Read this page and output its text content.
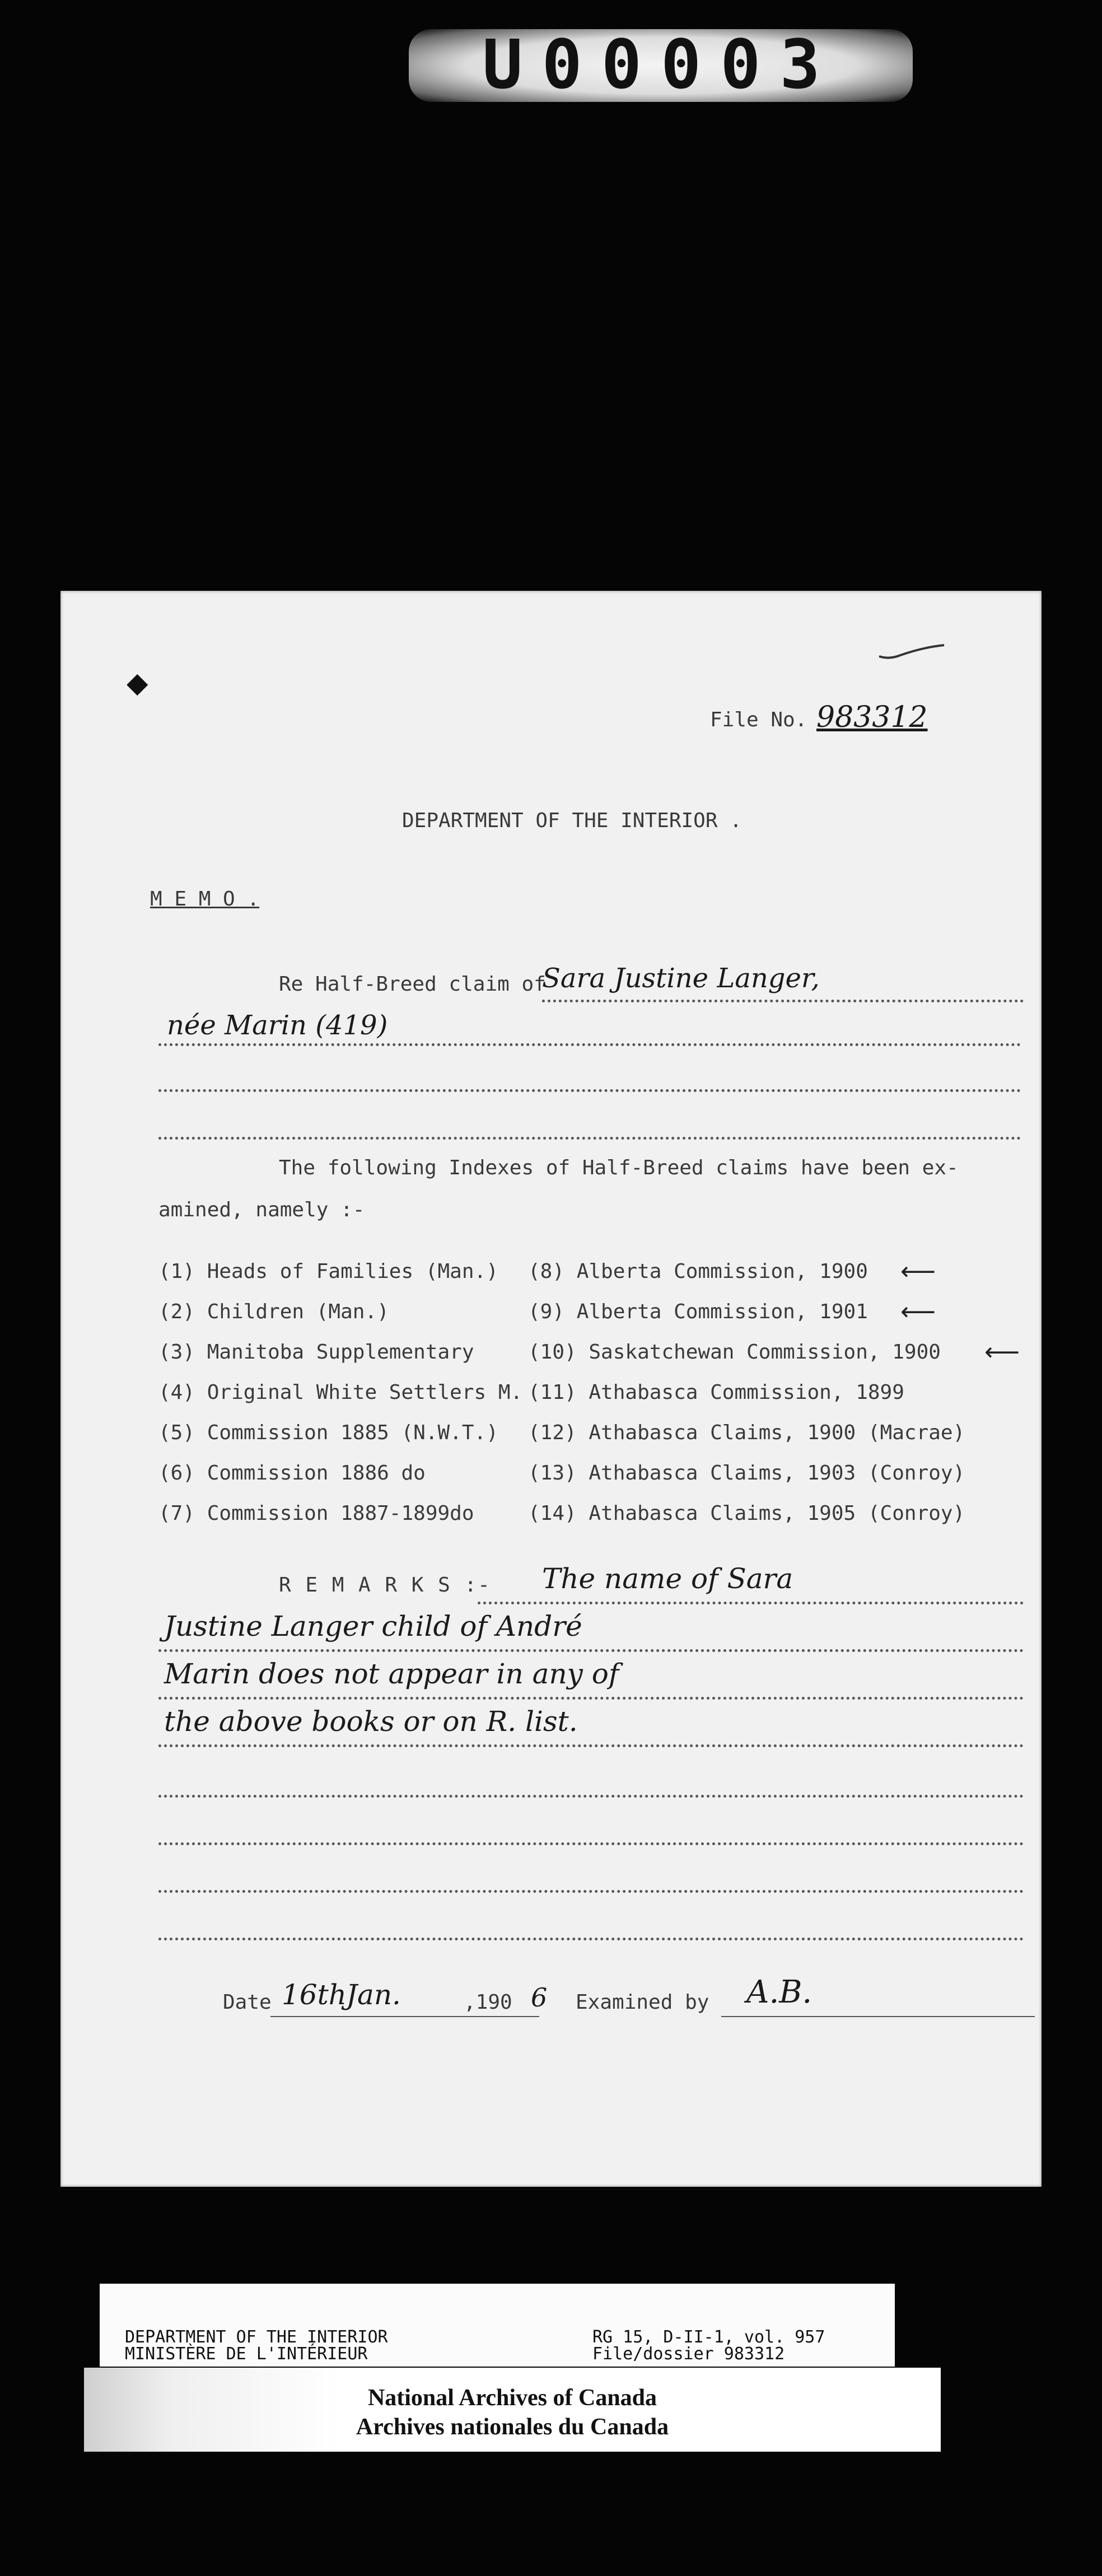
U00003
◆
File No. 983312
DEPARTMENT OF THE INTERIOR .
M E M O .
Re Half-Breed claim of
Sara Justine Langer,
née Marin (419)
The following Indexes of Half-Breed claims have been ex-
amined, namely :-
(1) Heads of Families (Man.)
(2) Children (Man.)
(3) Manitoba Supplementary
(4) Original White Settlers M.
(5) Commission 1885 (N.W.T.)
(6) Commission 1886 do
(7) Commission 1887-1899do
(8) Alberta Commission, 1900
(9) Alberta Commission, 1901
(10) Saskatchewan Commission, 1900
(11) Athabasca Commission, 1899
(12) Athabasca Claims, 1900 (Macrae)
(13) Athabasca Claims, 1903 (Conroy)
(14) Athabasca Claims, 1905 (Conroy)
⟵
⟵
⟵
R E M A R K S :- The name of Sara
Justine Langer child of André
Marin does not appear in any of
the above books or on R. list.
Date 16th Jan.	,190 6 Examined by A.B.
DEPARTMENT OF THE INTERIOR
MINISTÈRE DE L'INTÉRIEUR
RG 15, D-II-1, vol. 957
File/dossier 983312
National Archives of Canada
Archives nationales du Canada
